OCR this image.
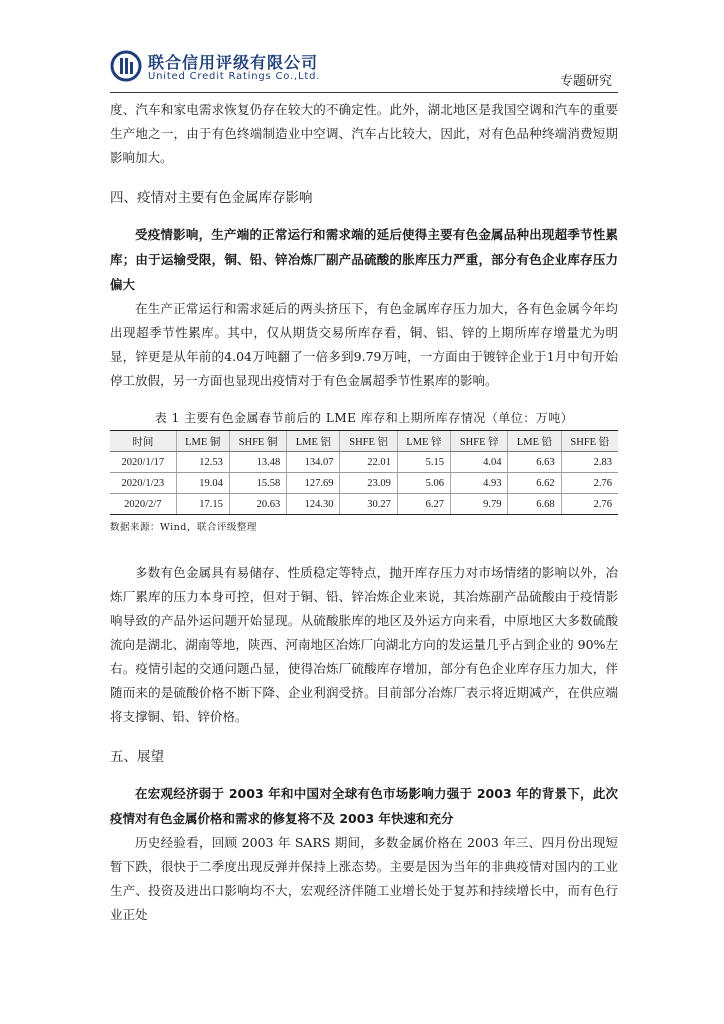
联合信用评级有限公司
United Credit Ratings Co.,Ltd.	专题研究

度、汽车和家电需求恢复仍存在较大的不确定性。此外，湖北地区是我国空调和汽车的重要生产地之一，由于有色终端制造业中空调、汽车占比较大，因此，对有色品种终端消费短期影响加大。

四、疫情对主要有色金属库存影响

受疫情影响，生产端的正常运行和需求端的延后使得主要有色金属品种出现超季节性累库；由于运输受限，铜、铅、锌冶炼厂副产品硫酸的胀库压力严重，部分有色企业库存压力偏大

在生产正常运行和需求延后的两头挤压下，有色金属库存压力加大，各有色金属今年均出现超季节性累库。其中，仅从期货交易所库存看，铜、铝、锌的上期所库存增量尤为明显，锌更是从年前的4.04万吨翻了一倍多到9.79万吨，一方面由于镀锌企业于1月中旬开始停工放假，另一方面也显现出疫情对于有色金属超季节性累库的影响。

表 1 主要有色金属春节前后的 LME 库存和上期所库存情况（单位：万吨）
时间	LME 铜	SHFE 铜	LME 铝	SHFE 铝	LME 锌	SHFE 锌	LME 铅	SHFE 铅
2020/1/17	12.53	13.48	134.07	22.01	5.15	4.04	6.63	2.83
2020/1/23	19.04	15.58	127.69	23.09	5.06	4.93	6.62	2.76
2020/2/7	17.15	20.63	124.30	30.27	6.27	9.79	6.68	2.76
数据来源：Wind，联合评级整理

多数有色金属具有易储存、性质稳定等特点，抛开库存压力对市场情绪的影响以外，冶炼厂累库的压力本身可控，但对于铜、铅、锌冶炼企业来说，其冶炼副产品硫酸由于疫情影响导致的产品外运问题开始显现。从硫酸胀库的地区及外运方向来看，中原地区大多数硫酸流向是湖北、湖南等地，陕西、河南地区冶炼厂向湖北方向的发运量几乎占到企业的 90%左右。疫情引起的交通问题凸显，使得冶炼厂硫酸库存增加，部分有色企业库存压力加大，伴随而来的是硫酸价格不断下降、企业利润受挤。目前部分冶炼厂表示将近期减产，在供应端将支撑铜、铅、锌价格。

五、展望

在宏观经济弱于 2003 年和中国对全球有色市场影响力强于 2003 年的背景下，此次疫情对有色金属价格和需求的修复将不及 2003 年快速和充分

历史经验看，回顾 2003 年 SARS 期间，多数金属价格在 2003 年三、四月份出现短暂下跌，很快于二季度出现反弹并保持上涨态势。主要是因为当年的非典疫情对国内的工业生产、投资及进出口影响均不大，宏观经济伴随工业增长处于复苏和持续增长中，而有色行业正处
